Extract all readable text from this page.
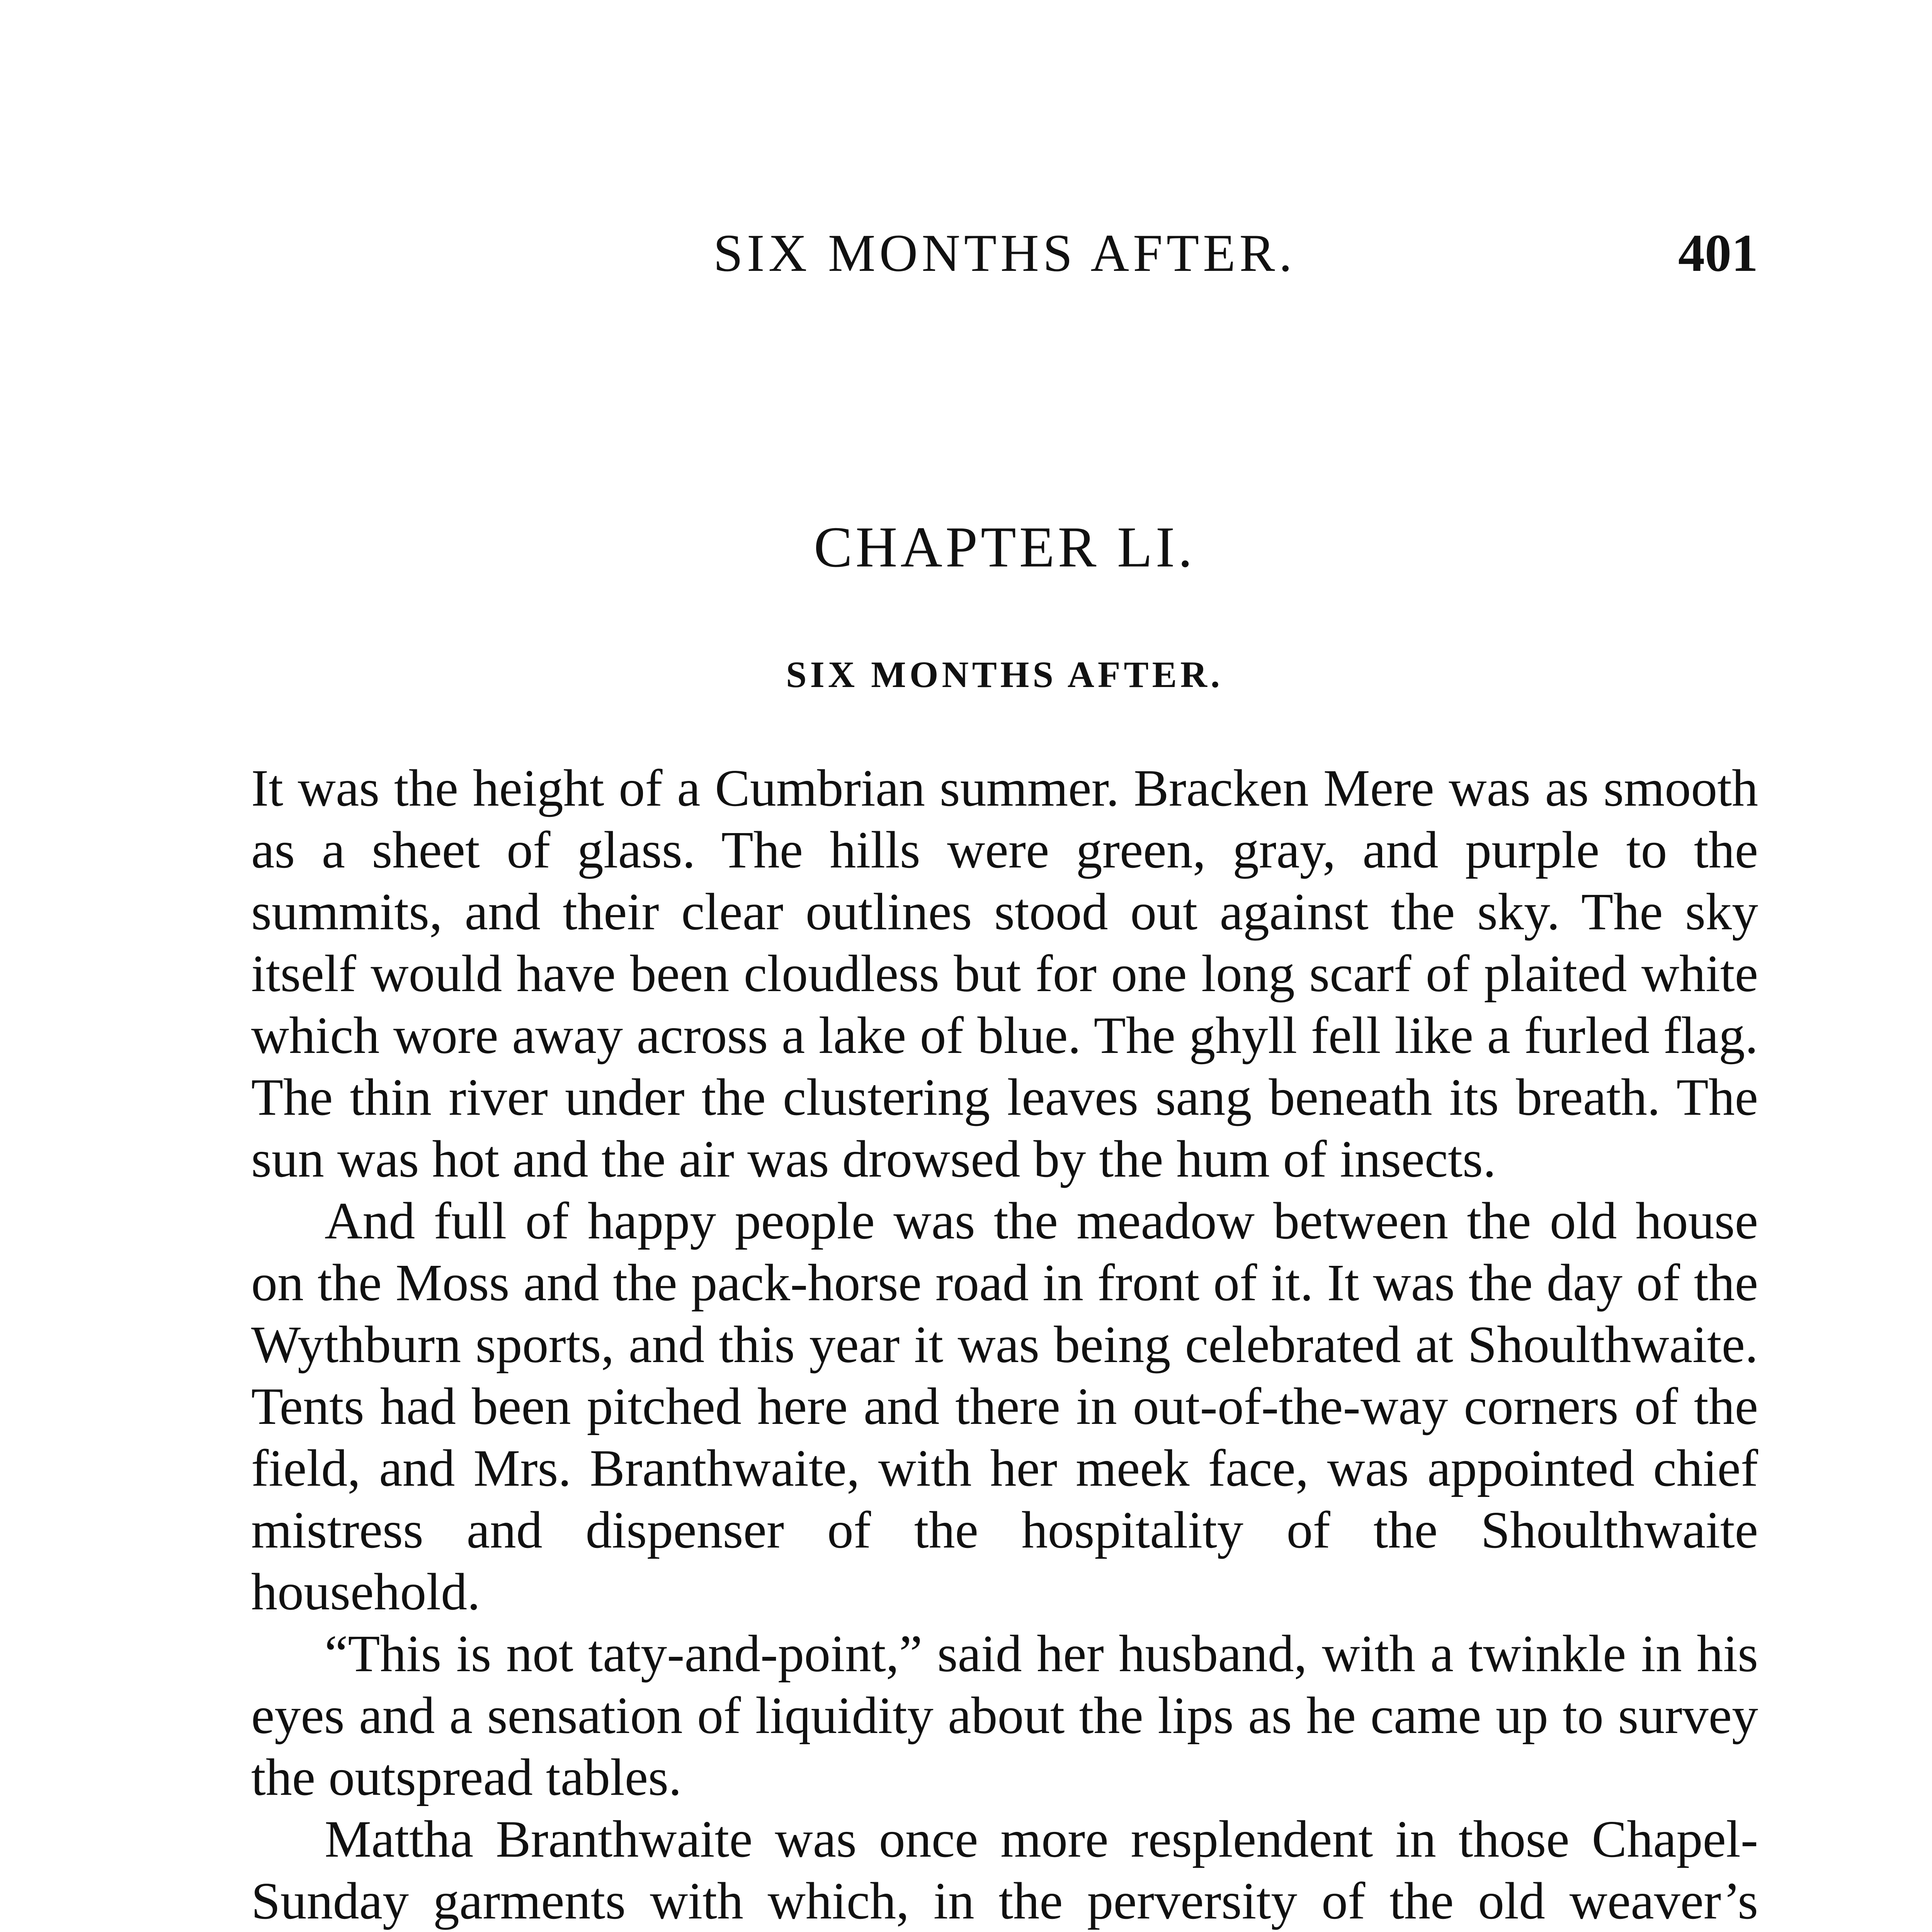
SIX MONTHS AFTER.	401
CHAPTER LI.
SIX MONTHS AFTER.

It was the height of a Cumbrian summer. Bracken Mere was as smooth as a sheet of glass. The hills were green, gray, and purple to the summits, and their clear outlines stood out against the sky. The sky itself would have been cloudless but for one long scarf of plaited white which wore away across a lake of blue. The ghyll fell like a furled flag. The thin river under the clustering leaves sang beneath its breath. The sun was hot and the air was drowsed by the hum of insects.

And full of happy people was the meadow between the old house on the Moss and the pack-horse road in front of it. It was the day of the Wythburn sports, and this year it was being celebrated at Shoulthwaite. Tents had been pitched here and there in out-of-the-way corners of the field, and Mrs. Branthwaite, with her meek face, was appointed chief mistress and dispenser of the hospitality of the Shoulthwaite household.

“This is not taty-and-point,” said her husband, with a twinkle in his eyes and a sensation of liquidity about the lips as he came up to survey the outspread tables.

Mattha Branthwaite was once more resplendent in those Chapel-Sunday garments with which, in the perversity of the old weaver’s
